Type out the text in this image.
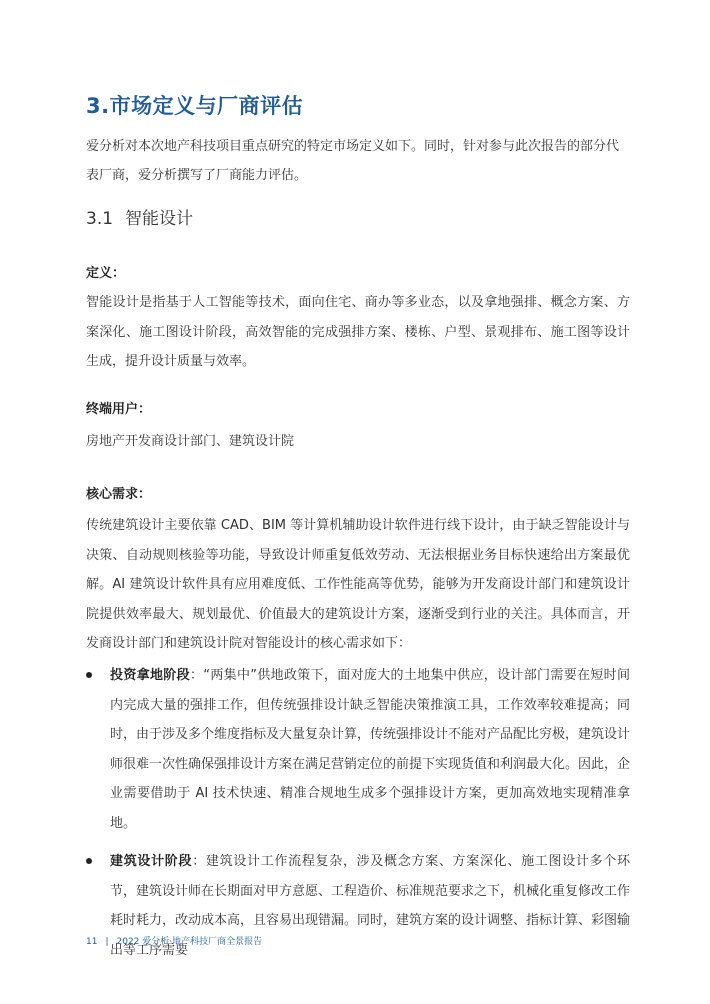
3.市场定义与厂商评估

爱分析对本次地产科技项目重点研究的特定市场定义如下。同时，针对参与此次报告的部分代表厂商，爱分析撰写了厂商能力评估。

3.1 智能设计

定义：

智能设计是指基于人工智能等技术，面向住宅、商办等多业态，以及拿地强排、概念方案、方案深化、施工图设计阶段，高效智能的完成强排方案、楼栋、户型、景观排布、施工图等设计生成，提升设计质量与效率。

终端用户：

房地产开发商设计部门、建筑设计院

核心需求：

传统建筑设计主要依靠 CAD、BIM 等计算机辅助设计软件进行线下设计，由于缺乏智能设计与决策、自动规则核验等功能，导致设计师重复低效劳动、无法根据业务目标快速给出方案最优解。AI 建筑设计软件具有应用难度低、工作性能高等优势，能够为开发商设计部门和建筑设计院提供效率最大、规划最优、价值最大的建筑设计方案，逐渐受到行业的关注。具体而言，开发商设计部门和建筑设计院对智能设计的核心需求如下：

投资拿地阶段：“两集中”供地政策下，面对庞大的土地集中供应，设计部门需要在短时间内完成大量的强排工作，但传统强排设计缺乏智能决策推演工具，工作效率较难提高；同时，由于涉及多个维度指标及大量复杂计算，传统强排设计不能对产品配比穷极，建筑设计师很难一次性确保强排设计方案在满足营销定位的前提下实现货值和利润最大化。因此，企业需要借助于 AI 技术快速、精准合规地生成多个强排设计方案，更加高效地实现精准拿地。
建筑设计阶段：建筑设计工作流程复杂，涉及概念方案、方案深化、施工图设计多个环节，建筑设计师在长期面对甲方意愿、工程造价、标准规范要求之下，机械化重复修改工作耗时耗力，改动成本高，且容易出现错漏。同时，建筑方案的设计调整、指标计算、彩图输出等工序需要
11 | 2022 爱分析·地产科技厂商全景报告
